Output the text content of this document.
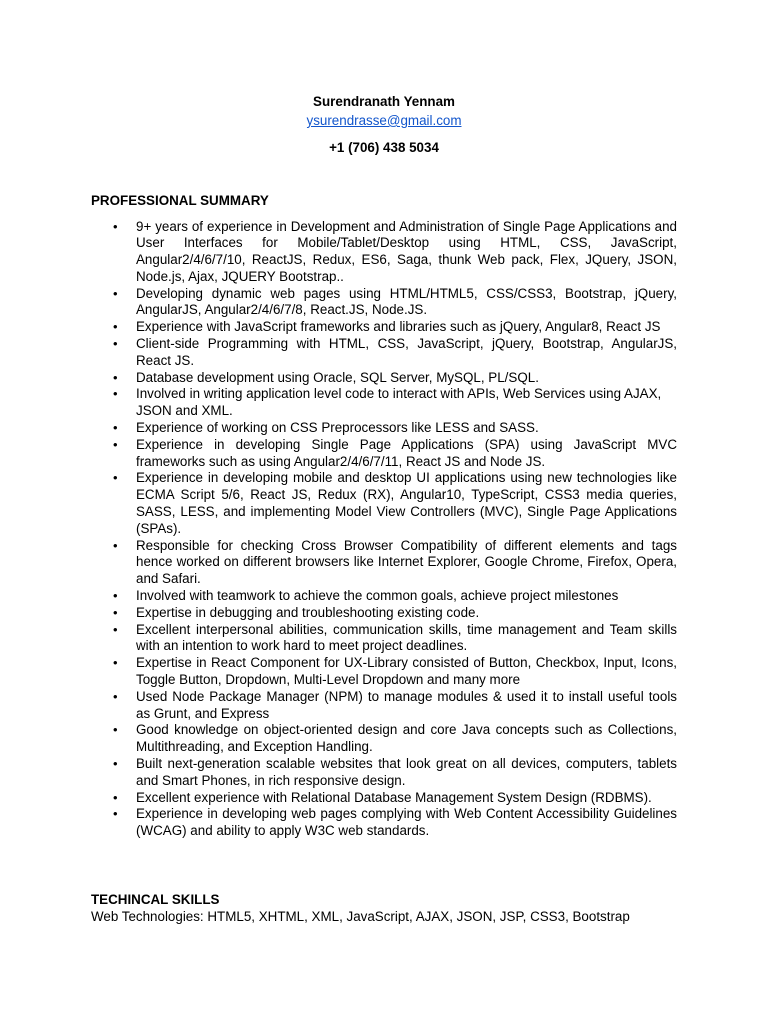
Surendranath Yennam
ysurendrasse@gmail.com
+1 (706) 438 5034
PROFESSIONAL SUMMARY
• 9+ years of experience in Development and Administration of Single Page Applications and User Interfaces for Mobile/Tablet/Desktop using HTML, CSS, JavaScript, Angular2/4/6/7/10, ReactJS, Redux, ES6, Saga, thunk Web pack, Flex, JQuery, JSON, Node.js, Ajax, JQUERY Bootstrap..
• Developing dynamic web pages using HTML/HTML5, CSS/CSS3, Bootstrap, jQuery, AngularJS, Angular2/4/6/7/8, React.JS, Node.JS.
• Experience with JavaScript frameworks and libraries such as jQuery, Angular8, React JS
• Client-side Programming with HTML, CSS, JavaScript, jQuery, Bootstrap, AngularJS, React JS.
• Database development using Oracle, SQL Server, MySQL, PL/SQL.
• Involved in writing application level code to interact with APIs, Web Services using AJAX,
JSON and XML.
• Experience of working on CSS Preprocessors like LESS and SASS.
• Experience in developing Single Page Applications (SPA) using JavaScript MVC frameworks such as using Angular2/4/6/7/11, React JS and Node JS.
• Experience in developing mobile and desktop UI applications using new technologies like ECMA Script 5/6, React JS, Redux (RX), Angular10, TypeScript, CSS3 media queries, SASS, LESS, and implementing Model View Controllers (MVC), Single Page Applications (SPAs).
• Responsible for checking Cross Browser Compatibility of different elements and tags hence worked on different browsers like Internet Explorer, Google Chrome, Firefox, Opera, and Safari.
• Involved with teamwork to achieve the common goals, achieve project milestones
• Expertise in debugging and troubleshooting existing code.
• Excellent interpersonal abilities, communication skills, time management and Team skills with an intention to work hard to meet project deadlines.
• Expertise in React Component for UX-Library consisted of Button, Checkbox, Input, Icons, Toggle Button, Dropdown, Multi-Level Dropdown and many more
• Used Node Package Manager (NPM) to manage modules & used it to install useful tools as Grunt, and Express
• Good knowledge on object-oriented design and core Java concepts such as Collections, Multithreading, and Exception Handling.
• Built next-generation scalable websites that look great on all devices, computers, tablets and Smart Phones, in rich responsive design.
• Excellent experience with Relational Database Management System Design (RDBMS).
• Experience in developing web pages complying with Web Content Accessibility Guidelines (WCAG) and ability to apply W3C web standards.
TECHINCAL SKILLS
Web Technologies: HTML5, XHTML, XML, JavaScript, AJAX, JSON, JSP, CSS3, Bootstrap
